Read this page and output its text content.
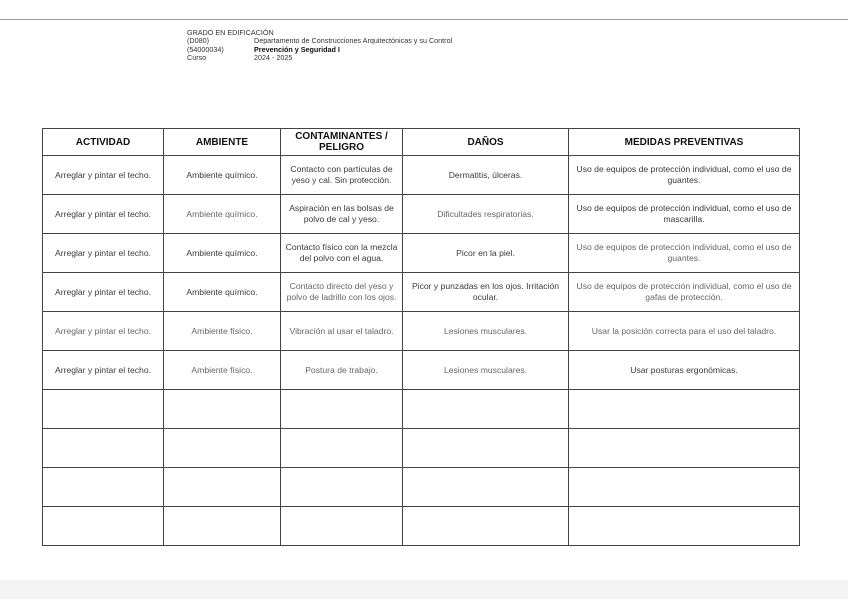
GRADO EN EDIFICACIÓN
(D080)	Departamento de Construcciones Arquitectónicas y su Control
(54000034)	Prevención y Seguridad I
Curso	2024 - 2025
ACTIVIDAD	AMBIENTE	CONTAMINANTES / PELIGRO	DAÑOS	MEDIDAS PREVENTIVAS
Arreglar y pintar el techo.	Ambiente químico.	Contacto con partículas de yeso y cal. Sin protección.	Dermatitis, úlceras.	Uso de equipos de protección individual, como el uso de guantes.
Arreglar y pintar el techo.	Ambiente químico.	Aspiración en las bolsas de polvo de cal y yeso.	Dificultades respiratorias.	Uso de equipos de protección individual, como el uso de mascarilla.
Arreglar y pintar el techo.	Ambiente químico.	Contacto físico con la mezcla del polvo con el agua.	Picor en la piel.	Uso de equipos de protección individual, como el uso de guantes.
Arreglar y pintar el techo.	Ambiente químico.	Contacto directo del yeso y polvo de ladrillo con los ojos.	Picor y punzadas en los ojos. Irritación ocular.	Uso de equipos de protección individual, como el uso de gafas de protección.
Arreglar y pintar el techo.	Ambiente físico.	Vibración al usar el taladro.	Lesiones musculares.	Usar la posición correcta para el uso del taladro.
Arreglar y pintar el techo.	Ambiente físico.	Postura de trabajo.	Lesiones musculares.	Usar posturas ergonómicas.
